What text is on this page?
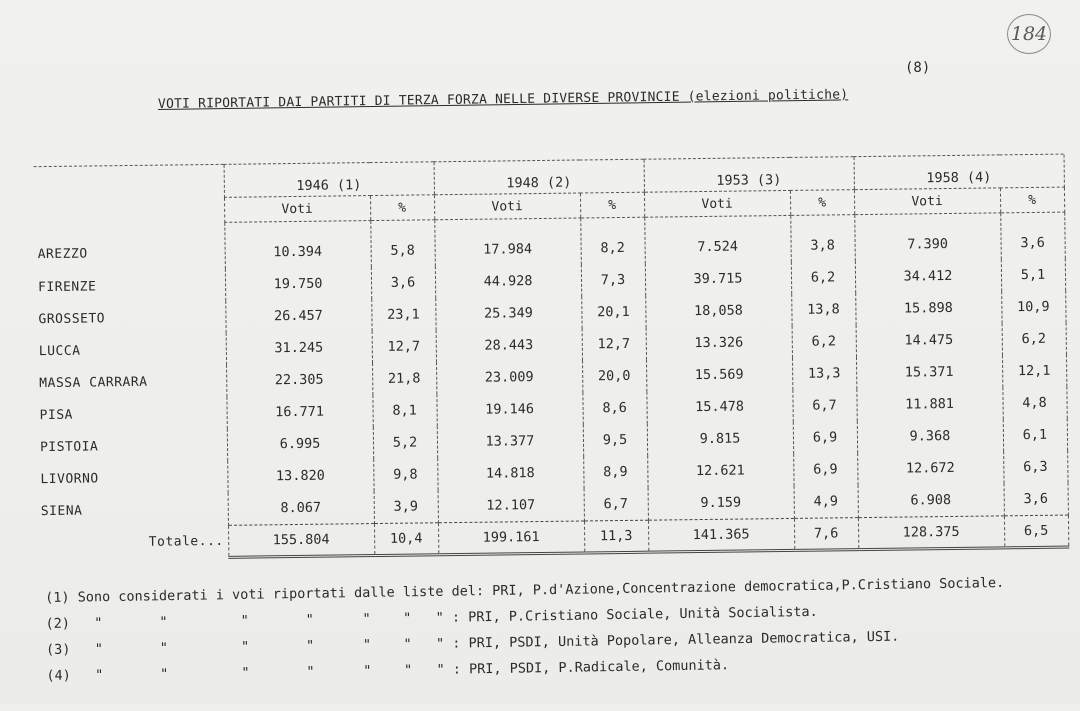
184
(8)
VOTI RIPORTATI DAI PARTITI DI TERZA FORZA NELLE DIVERSE PROVINCIE (elezioni politiche)

	1946 (1)		1948 (2)		1953 (3)		1958 (4)	
	Voti	%	Voti	%	Voti	%	Voti	%
AREZZO	10.394	5,8	17.984	8,2	7.524	3,8	7.390	3,6
FIRENZE	19.750	3,6	44.928	7,3	39.715	6,2	34.412	5,1
GROSSETO	26.457	23,1	25.349	20,1	18,058	13,8	15.898	10,9
LUCCA	31.245	12,7	28.443	12,7	13.326	6,2	14.475	6,2
MASSA CARRARA	22.305	21,8	23.009	20,0	15.569	13,3	15.371	12,1
PISA	16.771	8,1	19.146	8,6	15.478	6,7	11.881	4,8
PISTOIA	6.995	5,2	13.377	9,5	9.815	6,9	9.368	6,1
LIVORNO	13.820	9,8	14.818	8,9	12.621	6,9	12.672	6,3
SIENA	8.067	3,9	12.107	6,7	9.159	4,9	6.908	3,6
Totale...	155.804	10,4	199.161	11,3	141.365	7,6	128.375	6,5
(1) Sono considerati i voti riportati dalle liste del: PRI, P.d'Azione,Concentrazione democratica,P.Cristiano Sociale.
(2)   "       "         "       "      "    "   " : PRI, P.Cristiano Sociale, Unità Socialista.
(3)   "       "         "       "      "    "   " : PRI, PSDI, Unità Popolare, Alleanza Democratica, USI.
(4)   "       "         "       "      "    "   " : PRI, PSDI, P.Radicale, Comunità.
